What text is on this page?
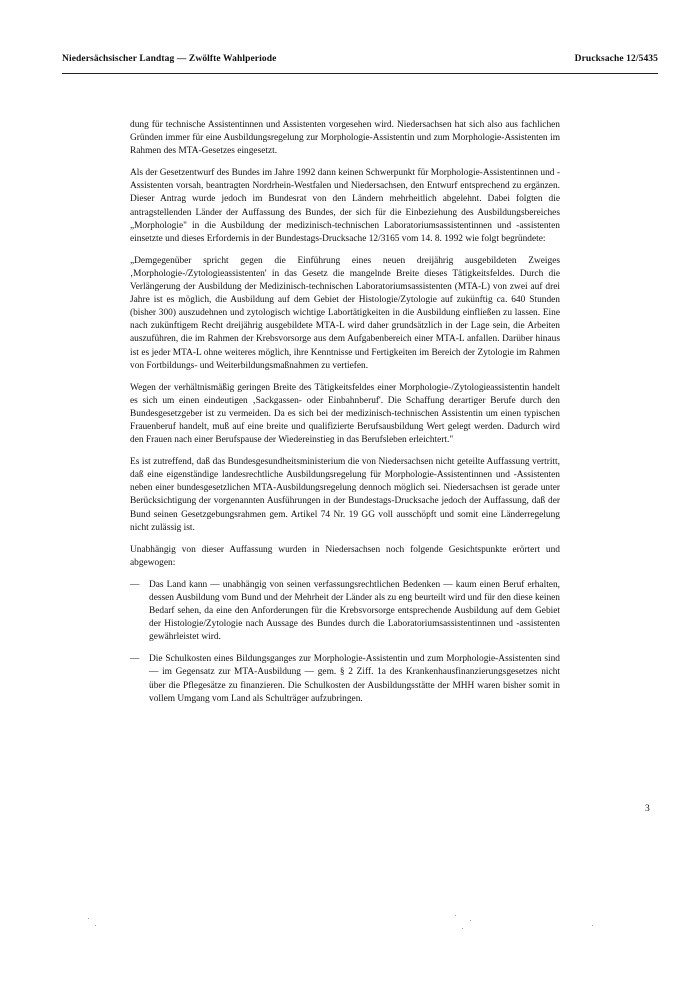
Niedersächsischer Landtag — Zwölfte Wahlperiode	Drucksache 12/5435

dung für technische Assistentinnen und Assistenten vorgesehen wird. Niedersachsen hat sich also aus fachlichen Gründen immer für eine Ausbildungsregelung zur Morphologie-Assistentin und zum Morphologie-Assistenten im Rahmen des MTA-Gesetzes eingesetzt.

Als der Gesetzentwurf des Bundes im Jahre 1992 dann keinen Schwerpunkt für Morphologie-Assistentinnen und -Assistenten vorsah, beantragten Nordrhein-Westfalen und Niedersachsen, den Entwurf entsprechend zu ergänzen. Dieser Antrag wurde jedoch im Bundesrat von den Ländern mehrheitlich abgelehnt. Dabei folgten die antragstellenden Länder der Auffassung des Bundes, der sich für die Einbeziehung des Ausbildungsbereiches „Morphologie" in die Ausbildung der medizinisch-technischen Laboratoriumsassistentinnen und -assistenten einsetzte und dieses Erfordernis in der Bundestags-Drucksache 12/3165 vom 14. 8. 1992 wie folgt begründete:

„Demgegenüber spricht gegen die Einführung eines neuen dreijährig ausgebildeten Zweiges ‚Morphologie-/Zytologieassistenten' in das Gesetz die mangelnde Breite dieses Tätigkeitsfeldes. Durch die Verlängerung der Ausbildung der Medizinisch-technischen Laboratoriumsassistenten (MTA-L) von zwei auf drei Jahre ist es möglich, die Ausbildung auf dem Gebiet der Histologie/Zytologie auf zukünftig ca. 640 Stunden (bisher 300) auszudehnen und zytologisch wichtige Labortätigkeiten in die Ausbildung einfließen zu lassen. Eine nach zukünftigem Recht dreijährig ausgebildete MTA-L wird daher grundsätzlich in der Lage sein, die Arbeiten auszuführen, die im Rahmen der Krebsvorsorge aus dem Aufgabenbereich einer MTA-L anfallen. Darüber hinaus ist es jeder MTA-L ohne weiteres möglich, ihre Kenntnisse und Fertigkeiten im Bereich der Zytologie im Rahmen von Fortbildungs- und Weiterbildungsmaßnahmen zu vertiefen.

Wegen der verhältnismäßig geringen Breite des Tätigkeitsfeldes einer Morphologie-/Zytologieassistentin handelt es sich um einen eindeutigen ‚Sackgassen- oder Einbahnberuf'. Die Schaffung derartiger Berufe durch den Bundesgesetzgeber ist zu vermeiden. Da es sich bei der medizinisch-technischen Assistentin um einen typischen Frauenberuf handelt, muß auf eine breite und qualifizierte Berufsausbildung Wert gelegt werden. Dadurch wird den Frauen nach einer Berufspause der Wiedereinstieg in das Berufsleben erleichtert."

Es ist zutreffend, daß das Bundesgesundheitsministerium die von Niedersachsen nicht geteilte Auffassung vertritt, daß eine eigenständige landesrechtliche Ausbildungsregelung für Morphologie-Assistentinnen und -Assistenten neben einer bundesgesetzlichen MTA-Ausbildungsregelung dennoch möglich sei. Niedersachsen ist gerade unter Berücksichtigung der vorgenannten Ausführungen in der Bundestags-Drucksache jedoch der Auffassung, daß der Bund seinen Gesetzgebungsrahmen gem. Artikel 74 Nr. 19 GG voll ausschöpft und somit eine Länderregelung nicht zulässig ist.

Unabhängig von dieser Auffassung wurden in Niedersachsen noch folgende Gesichtspunkte erörtert und abgewogen:

— Das Land kann — unabhängig von seinen verfassungsrechtlichen Bedenken — kaum einen Beruf erhalten, dessen Ausbildung vom Bund und der Mehrheit der Länder als zu eng beurteilt wird und für den diese keinen Bedarf sehen, da eine den Anforderungen für die Krebsvorsorge entsprechende Ausbildung auf dem Gebiet der Histologie/Zytologie nach Aussage des Bundes durch die Laboratoriumsassistentinnen und -assistenten gewährleistet wird.
— Die Schulkosten eines Bildungsganges zur Morphologie-Assistentin und zum Morphologie-Assistenten sind — im Gegensatz zur MTA-Ausbildung — gem. § 2 Ziff. 1a des Krankenhausfinanzierungsgesetzes nicht über die Pflegesätze zu finanzieren. Die Schulkosten der Ausbildungsstätte der MHH waren bisher somit in vollem Umgang vom Land als Schulträger aufzubringen.
3
